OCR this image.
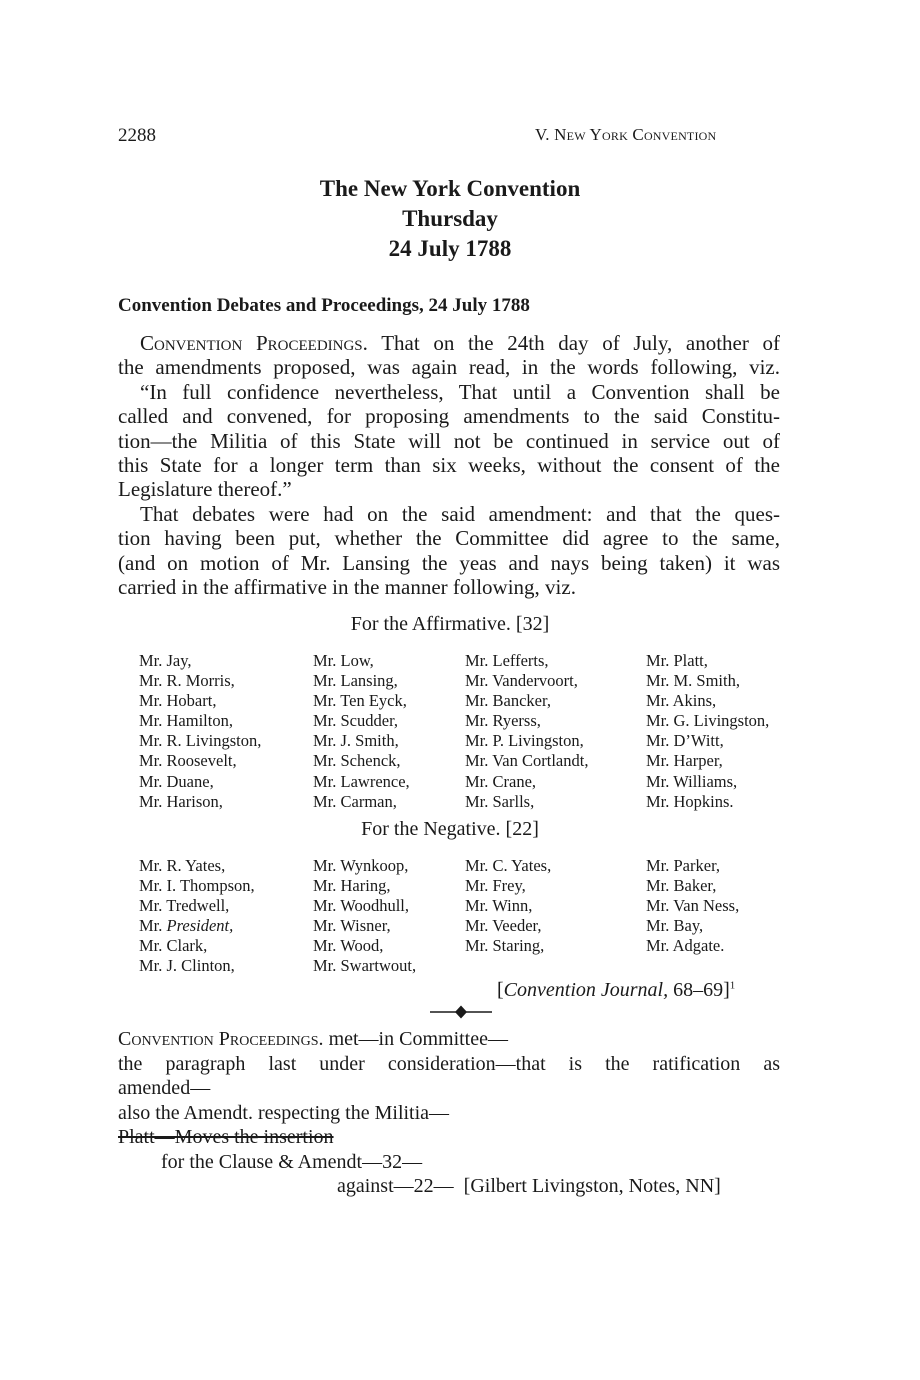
2288	V. New York Convention
The New York Convention
Thursday
24 July 1788
Convention Debates and Proceedings, 24 July 1788
Convention Proceedings. That on the 24th day of July, another of
the amendments proposed, was again read, in the words following, viz.
“In full confidence nevertheless, That until a Convention shall be
called and convened, for proposing amendments to the said Constitu-
tion—the Militia of this State will not be continued in service out of
this State for a longer term than six weeks, without the consent of the
Legislature thereof.”
That debates were had on the said amendment: and that the ques-
tion having been put, whether the Committee did agree to the same,
(and on motion of Mr. Lansing the yeas and nays being taken) it was
carried in the affirmative in the manner following, viz.
For the Affirmative. [32]
Mr. Jay,
Mr. R. Morris,
Mr. Hobart,
Mr. Hamilton,
Mr. R. Livingston,
Mr. Roosevelt,
Mr. Duane,
Mr. Harison,
Mr. Low,
Mr. Lansing,
Mr. Ten Eyck,
Mr. Scudder,
Mr. J. Smith,
Mr. Schenck,
Mr. Lawrence,
Mr. Carman,
Mr. Lefferts,
Mr. Vandervoort,
Mr. Bancker,
Mr. Ryerss,
Mr. P. Livingston,
Mr. Van Cortlandt,
Mr. Crane,
Mr. Sarlls,
Mr. Platt,
Mr. M. Smith,
Mr. Akins,
Mr. G. Livingston,
Mr. D’Witt,
Mr. Harper,
Mr. Williams,
Mr. Hopkins.
For the Negative. [22]
Mr. R. Yates,
Mr. I. Thompson,
Mr. Tredwell,
Mr. President,
Mr. Clark,
Mr. J. Clinton,
Mr. Wynkoop,
Mr. Haring,
Mr. Woodhull,
Mr. Wisner,
Mr. Wood,
Mr. Swartwout,
Mr. C. Yates,
Mr. Frey,
Mr. Winn,
Mr. Veeder,
Mr. Staring,
Mr. Parker,
Mr. Baker,
Mr. Van Ness,
Mr. Bay,
Mr. Adgate.
[Convention Journal, 68–69]$^1$
Convention Proceedings. met—in Committee—
the paragraph last under consideration—that is the ratification as
amended—
also the Amendt. respecting the Militia—
Platt—Moves the insertion
for the Clause & Amendt—32—
against—22— [Gilbert Livingston, Notes, NN]
